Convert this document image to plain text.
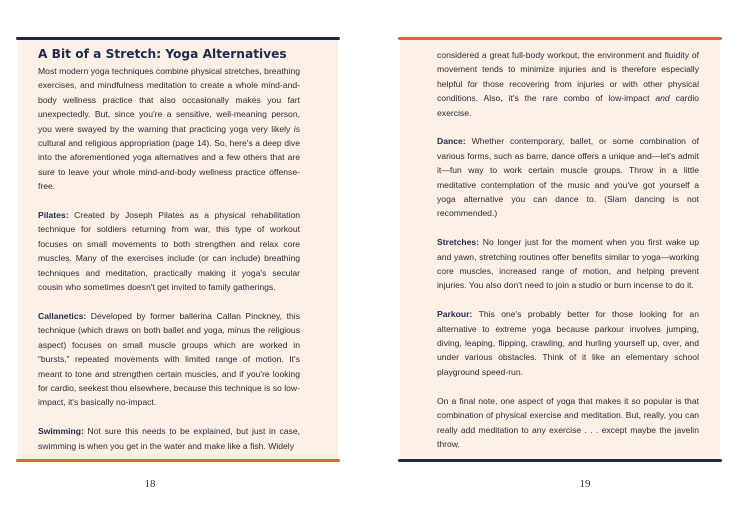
A Bit of a Stretch: Yoga Alternatives

Most modern yoga techniques combine physical stretches, breathing exercises, and mindfulness meditation to create a whole mind-and-body wellness practice that also occasionally makes you fart unexpectedly. But, since you're a sensitive, well-meaning person, you were swayed by the warning that practicing yoga very likely is cultural and religious appropriation (page 14). So, here's a deep dive into the aforementioned yoga alternatives and a few others that are sure to leave your whole mind-and-body wellness practice offense-free.

Pilates: Created by Joseph Pilates as a physical rehabilitation technique for soldiers returning from war, this type of workout focuses on small movements to both strengthen and relax core muscles. Many of the exercises include (or can include) breathing techniques and meditation, practically making it yoga's secular cousin who sometimes doesn't get invited to family gatherings.

Callanetics: Developed by former ballerina Callan Pinckney, this technique (which draws on both ballet and yoga, minus the religious aspect) focuses on small muscle groups which are worked in “bursts,” repeated movements with limited range of motion. It's meant to tone and strengthen certain muscles, and if you're looking for cardio, seekest thou elsewhere, because this technique is so low-impact, it's basically no-impact.

Swimming: Not sure this needs to be explained, but just in case, swimming is when you get in the water and make like a fish. Widely

18

considered a great full-body workout, the environment and fluidity of movement tends to minimize injuries and is therefore especially helpful for those recovering from injuries or with other physical conditions. Also, it's the rare combo of low-impact and cardio exercise.

Dance: Whether contemporary, ballet, or some combination of various forms, such as barre, dance offers a unique and—let's admit it—fun way to work certain muscle groups. Throw in a little meditative contemplation of the music and you've got yourself a yoga alternative you can dance to. (Slam dancing is not recommended.)

Stretches: No longer just for the moment when you first wake up and yawn, stretching routines offer benefits similar to yoga—working core muscles, increased range of motion, and helping prevent injuries. You also don't need to join a studio or burn incense to do it.

Parkour: This one's probably better for those looking for an alternative to extreme yoga because parkour involves jumping, diving, leaping, flipping, crawling, and hurling yourself up, over, and under various obstacles. Think of it like an elementary school playground speed-run.

On a final note, one aspect of yoga that makes it so popular is that combination of physical exercise and meditation. But, really, you can really add meditation to any exercise . . . except maybe the javelin throw.

19
